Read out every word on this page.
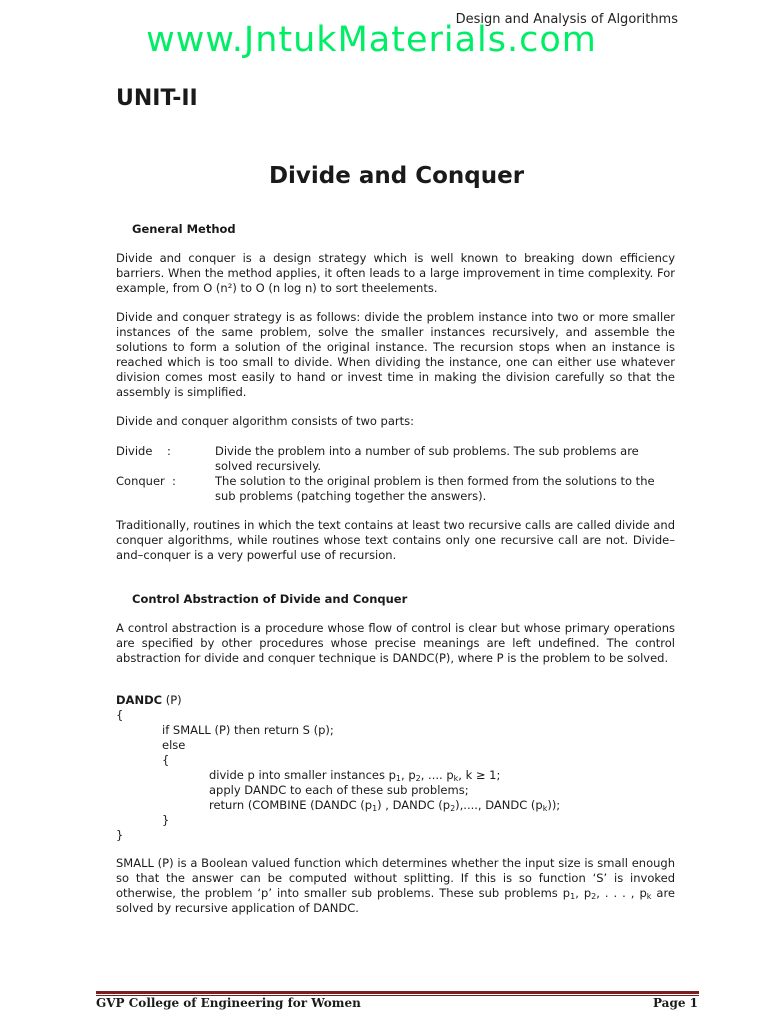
Design and Analysis of Algorithms
www.JntukMaterials.com
UNIT-II
Divide and Conquer
General Method
Divide and conquer is a design strategy which is well known to breaking down efficiency barriers. When the method applies, it often leads to a large improvement in time complexity. For example, from O (n²) to O (n log n) to sort theelements.
Divide and conquer strategy is as follows: divide the problem instance into two or more smaller instances of the same problem, solve the smaller instances recursively, and assemble the solutions to form a solution of the original instance. The recursion stops when an instance is reached which is too small to divide. When dividing the instance, one can either use whatever division comes most easily to hand or invest time in making the division carefully so that the assembly is simplified.
Divide and conquer algorithm consists of two parts:
Divide    :	Divide the problem into a number of sub problems. The sub problems are solved recursively.
Conquer  :	The solution to the original problem is then formed from the solutions to the sub problems (patching together the answers).
Traditionally, routines in which the text contains at least two recursive calls are called divide and conquer algorithms, while routines whose text contains only one recursive call are not. Divide–and–conquer is a very powerful use of recursion.
Control Abstraction of Divide and Conquer
A control abstraction is a procedure whose flow of control is clear but whose primary operations are specified by other procedures whose precise meanings are left undefined. The control abstraction for divide and conquer technique is DANDC(P), where P is the problem to be solved.
DANDC (P)
{
if SMALL (P) then return S (p);
else
{
divide p into smaller instances $p_1$, $p_2$, .... $p_k$, k ≥ 1;
apply DANDC to each of these sub problems;
return (COMBINE (DANDC $(p_1)$ , DANDC $(p_2)$,...., DANDC $(p_k)$);
}
}
SMALL (P) is a Boolean valued function which determines whether the input size is small enough so that the answer can be computed without splitting. If this is so function ‘S’ is invoked otherwise, the problem ‘p’ into smaller sub problems. These sub problems $p_1$, $p_2$, . . . , $p_k$ are solved by recursive application of DANDC.
GVP College of Engineering for Women	Page 1
